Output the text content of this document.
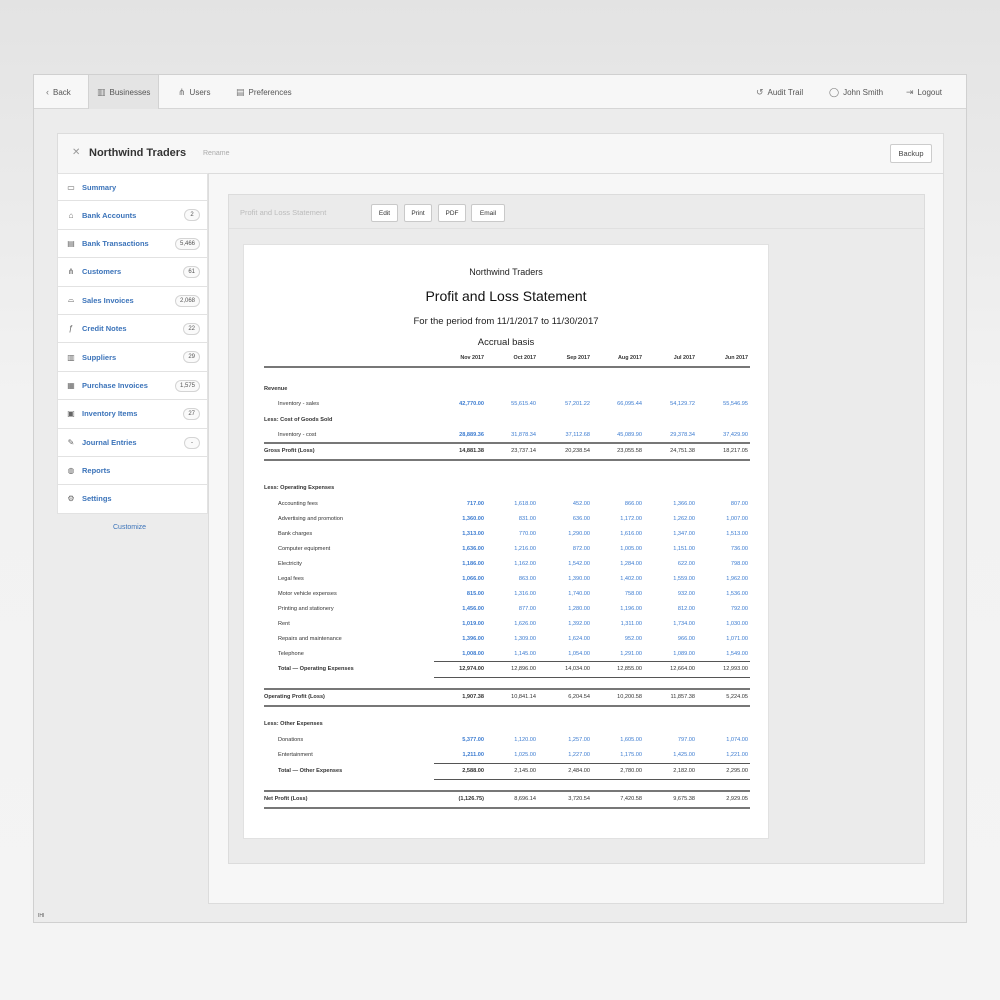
‹ Back	▥ Businesses	⋔ Users	▤ Preferences	↺ Audit Trail	◯ John Smith	⇥ Logout
✕ Northwind Traders Rename	Backup
▭ Summary
⌂	Bank Accounts	2
▤ Bank Transactions	5,466
⋔ Customers	61
⌓ Sales Invoices	2,068
ƒ	Credit Notes	22
▥ Suppliers	29
▦ Purchase Invoices	1,575
▣ Inventory Items	27
✎ Journal Entries	-
◍ Reports
⚙ Settings
Customize
Profit and Loss Statement	Edit	Print	PDF	Email
Northwind Traders
Profit and Loss Statement
For the period from 11/1/2017 to 11/30/2017
Accrual basis
Nov 2017	Oct 2017	Sep 2017	Aug 2017	Jul 2017	Jun 2017
Revenue
Inventory - sales	42,770.00	55,615.40	57,201.22	66,095.44	54,129.72	55,546.95
Less: Cost of Goods Sold
Inventory - cost	28,889.36	31,878.34	37,112.68	45,089.90	29,378.34	37,429.90
Gross Profit (Loss)	14,881.38	23,737.14	20,238.54	23,055.58	24,751.38	18,217.05
Less: Operating Expenses
Accounting fees	717.00	1,618.00	452.00	866.00	1,366.00	807.00
Advertising and promotion	1,360.00	831.00	636.00	1,172.00	1,262.00	1,007.00
Bank charges	1,313.00	770.00	1,290.00	1,616.00	1,347.00	1,513.00
Computer equipment	1,636.00	1,216.00	872.00	1,005.00	1,151.00	736.00
Electricity	1,186.00	1,162.00	1,542.00	1,284.00	622.00	798.00
Legal fees	1,066.00	863.00	1,390.00	1,402.00	1,559.00	1,962.00
Motor vehicle expenses	815.00	1,316.00	1,740.00	758.00	932.00	1,536.00
Printing and stationery	1,456.00	877.00	1,280.00	1,196.00	812.00	792.00
Rent	1,019.00	1,626.00	1,392.00	1,311.00	1,734.00	1,030.00
Repairs and maintenance	1,396.00	1,309.00	1,624.00	952.00	966.00	1,071.00
Telephone	1,008.00	1,145.00	1,054.00	1,291.00	1,089.00	1,549.00
Total — Operating Expenses	12,974.00	12,896.00	14,034.00	12,855.00	12,664.00	12,993.00
Operating Profit (Loss)	1,907.38	10,841.14	6,204.54	10,200.58	11,857.38	5,224.05
Less: Other Expenses
Donations	5,377.00	1,120.00	1,257.00	1,605.00	797.00	1,074.00
Entertainment	1,211.00	1,025.00	1,227.00	1,175.00	1,425.00	1,221.00
Total — Other Expenses	2,588.00	2,145.00	2,484.00	2,780.00	2,182.00	2,295.00
Net Profit (Loss)	(1,126.75)	8,696.14	3,720.54	7,420.58	9,675.38	2,929.05
IHI
